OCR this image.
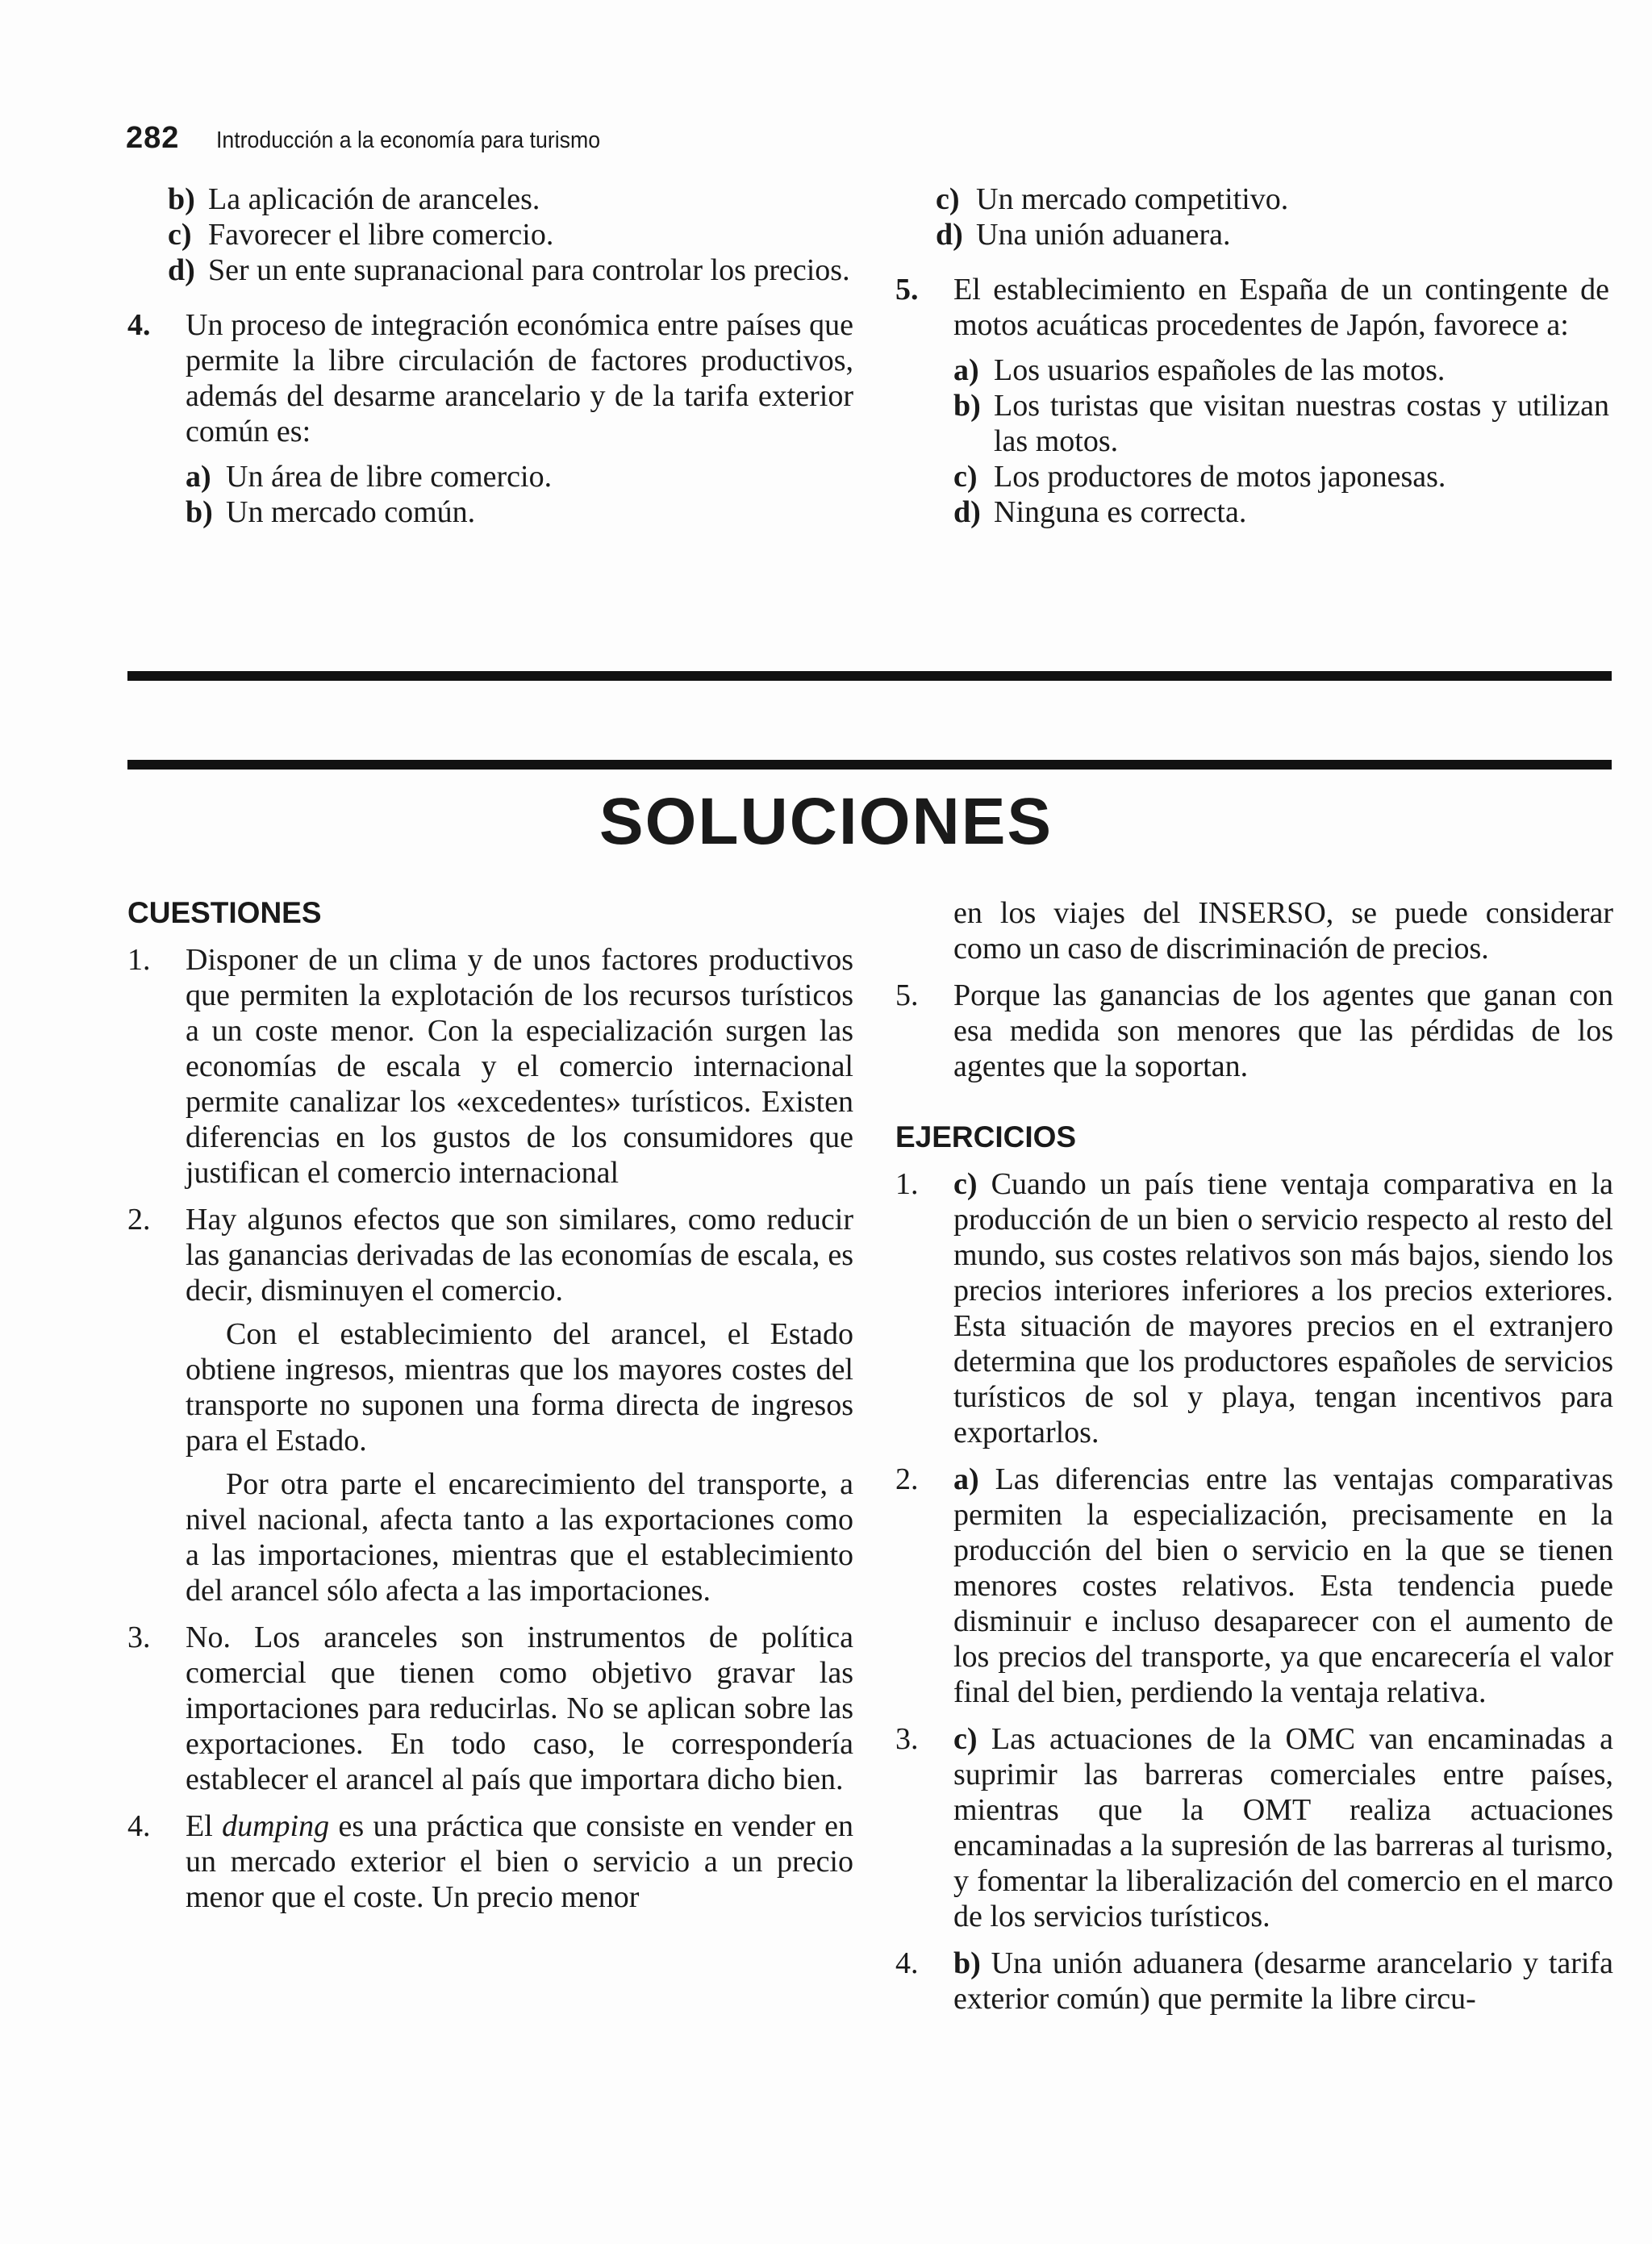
282 Introducción a la economía para turismo
b) La aplicación de aranceles.
c) Favorecer el libre comercio.
d) Ser un ente supranacional para controlar los precios.
4.	Un proceso de integración económica entre países que permite la libre circulación de factores productivos, además del desarme arancelario y de la tarifa exterior común es:

a) Un área de libre comercio.
b) Un mercado común.
c) Un mercado competitivo.
d) Una unión aduanera.
5.	El establecimiento en España de un contingente de motos acuáticas procedentes de Japón, favorece a:

a) Los usuarios españoles de las motos.
b) Los turistas que visitan nuestras costas y utilizan las motos.
c) Los productores de motos japonesas.
d) Ninguna es correcta.
SOLUCIONES
CUESTIONES
1.	Disponer de un clima y de unos factores productivos que permiten la explotación de los recursos turísticos a un coste menor. Con la especialización surgen las economías de escala y el comercio internacional permite canalizar los «excedentes» turísticos. Existen diferencias en los gustos de los consumidores que justifican el comercio internacional

2.	Hay algunos efectos que son similares, como reducir las ganancias derivadas de las economías de escala, es decir, disminuyen el comercio.

Con el establecimiento del arancel, el Estado obtiene ingresos, mientras que los mayores costes del transporte no suponen una forma directa de ingresos para el Estado.

Por otra parte el encarecimiento del transporte, a nivel nacional, afecta tanto a las exportaciones como a las importaciones, mientras que el establecimiento del arancel sólo afecta a las importaciones.

3.	No. Los aranceles son instrumentos de política comercial que tienen como objetivo gravar las importaciones para reducirlas. No se aplican sobre las exportaciones. En todo caso, le correspondería establecer el arancel al país que importara dicho bien.

4.	El dumping es una práctica que consiste en vender en un mercado exterior el bien o servicio a un precio menor que el coste. Un precio menor

en los viajes del INSERSO, se puede considerar como un caso de discriminación de precios.

5.	Porque las ganancias de los agentes que ganan con esa medida son menores que las pérdidas de los agentes que la soportan.

EJERCICIOS
1.	c) Cuando un país tiene ventaja comparativa en la producción de un bien o servicio respecto al resto del mundo, sus costes relativos son más bajos, siendo los precios interiores inferiores a los precios exteriores. Esta situación de mayores precios en el extranjero determina que los productores españoles de servicios turísticos de sol y playa, tengan incentivos para exportarlos.

2.	a) Las diferencias entre las ventajas comparativas permiten la especialización, precisamente en la producción del bien o servicio en la que se tienen menores costes relativos. Esta tendencia puede disminuir e incluso desaparecer con el aumento de los precios del transporte, ya que encarecería el valor final del bien, perdiendo la ventaja relativa.

3.	c) Las actuaciones de la OMC van encaminadas a suprimir las barreras comerciales entre países, mientras que la OMT realiza actuaciones encaminadas a la supresión de las barreras al turismo, y fomentar la liberalización del comercio en el marco de los servicios turísticos.

4.	b) Una unión aduanera (desarme arancelario y tarifa exterior común) que permite la libre circu-
